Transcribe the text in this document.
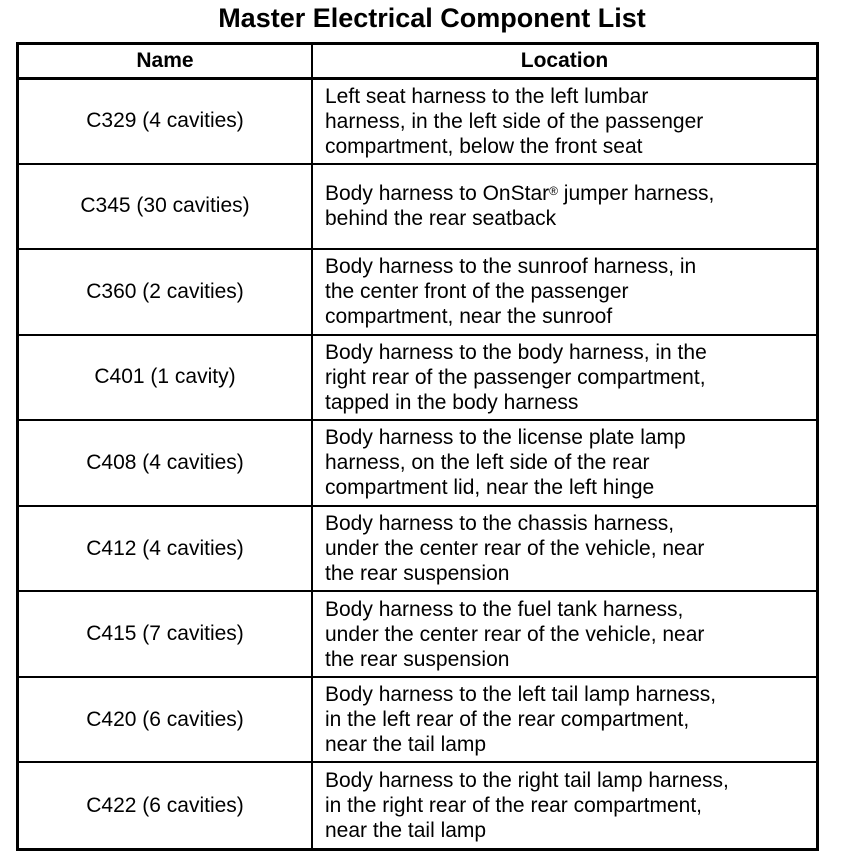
Master Electrical Component List
Name	Location
C329 (4 cavities)	Left seat harness to the left lumbar
harness, in the left side of the passenger
compartment, below the front seat
C345 (30 cavities)	Body harness to OnStar® jumper harness,
behind the rear seatback
C360 (2 cavities)	Body harness to the sunroof harness, in
the center front of the passenger
compartment, near the sunroof
C401 (1 cavity)	Body harness to the body harness, in the
right rear of the passenger compartment,
tapped in the body harness
C408 (4 cavities)	Body harness to the license plate lamp
harness, on the left side of the rear
compartment lid, near the left hinge
C412 (4 cavities)	Body harness to the chassis harness,
under the center rear of the vehicle, near
the rear suspension
C415 (7 cavities)	Body harness to the fuel tank harness,
under the center rear of the vehicle, near
the rear suspension
C420 (6 cavities)	Body harness to the left tail lamp harness,
in the left rear of the rear compartment,
near the tail lamp
C422 (6 cavities)	Body harness to the right tail lamp harness,
in the right rear of the rear compartment,
near the tail lamp
